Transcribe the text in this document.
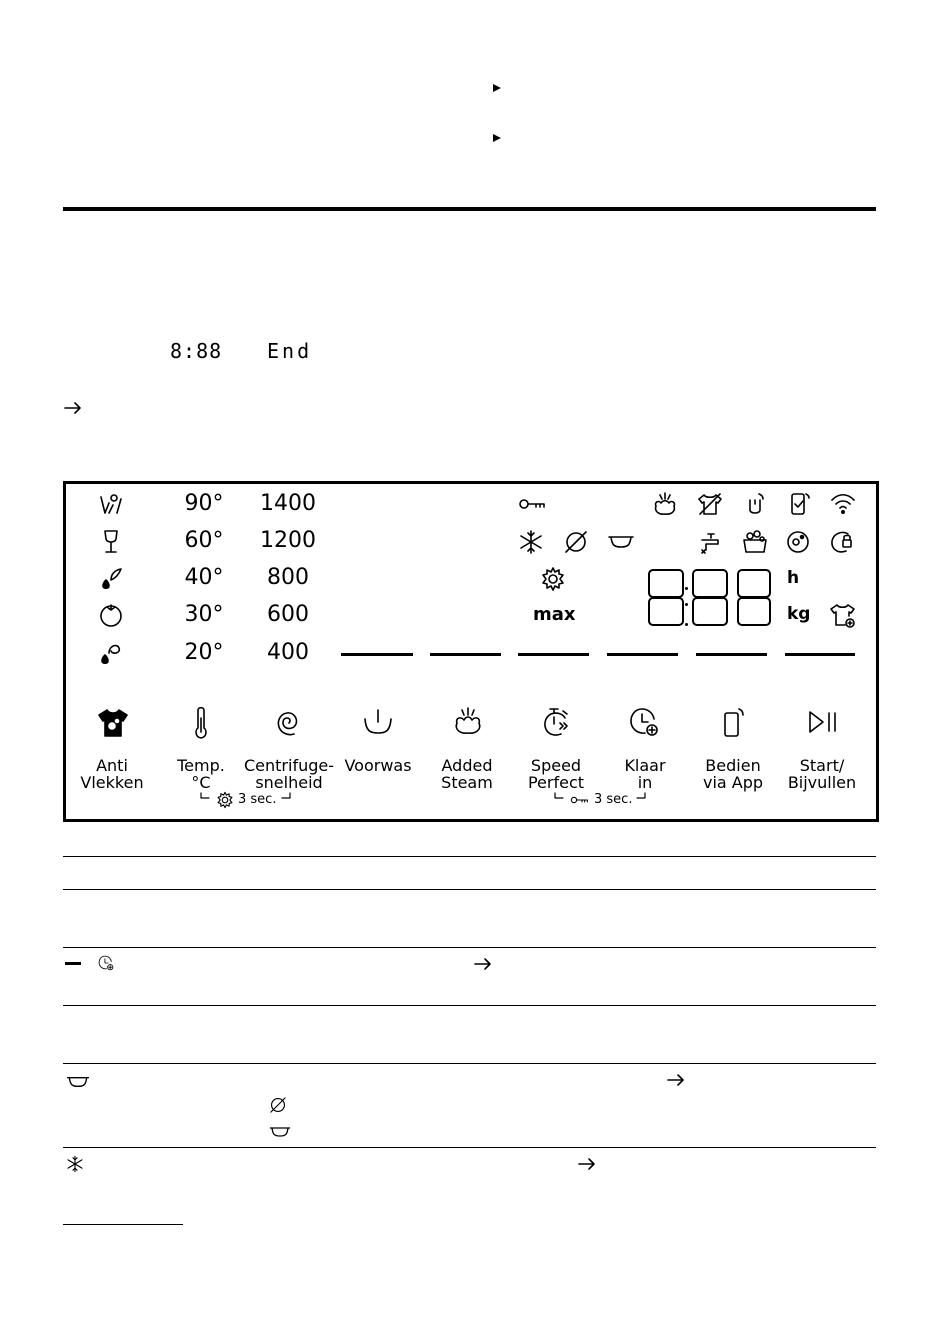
8:88 End
90°
60°
40°
30°
20°
1400
1200
800
600
400
max
h
kg
Anti
Vlekken
Temp.
°C
Centrifuge-
snelheid
Voorwas	Added
Steam
Speed
Perfect
Klaar
in
Bedien
via App
Start/
Bijvullen
3 sec.	3 sec.
